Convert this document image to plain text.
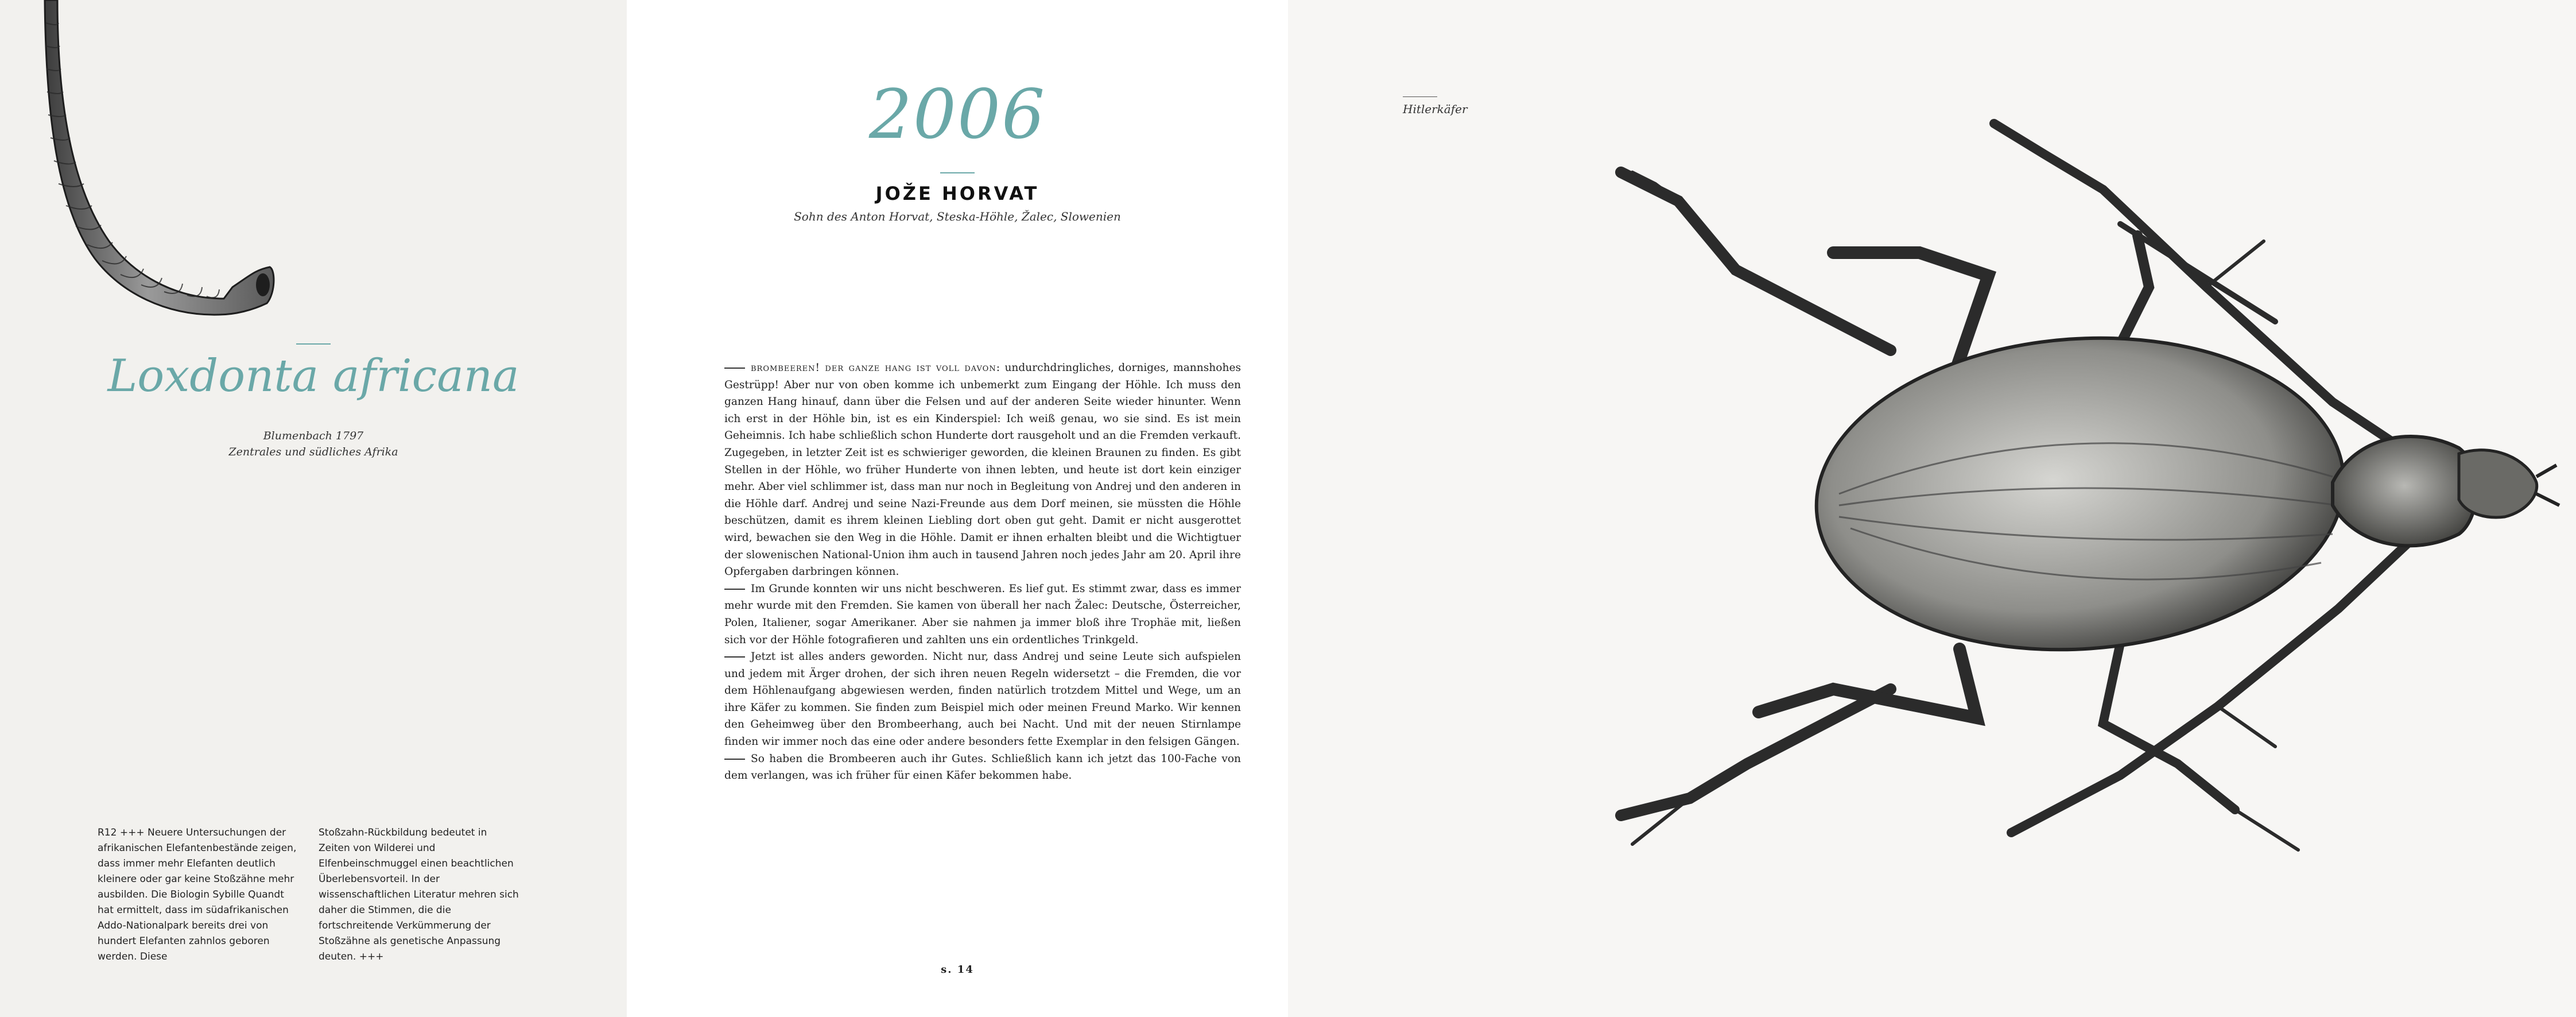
Loxdonta africana
Blumenbach 1797
Zentrales und südliches Afrika
R12 +++ Neuere Untersuchungen der afrikanischen Elefantenbestände zeigen, dass immer mehr Elefanten deutlich kleinere oder gar keine Stoßzähne mehr ausbilden. Die Biologin Sybille Quandt hat ermittelt, dass im südafrikanischen Addo-Nationalpark bereits drei von hundert Elefanten zahnlos geboren werden. Diese
Stoßzahn-Rückbildung bedeutet in Zeiten von Wilderei und Elfenbeinschmuggel einen beachtlichen Überlebensvorteil. In der wissenschaftlichen Literatur mehren sich daher die Stimmen, die die fortschreitende Verkümmerung der Stoßzähne als genetische Anpassung deuten. +++
2006
JOŽE HORVAT
Sohn des Anton Horvat, Steska-Höhle, Žalec, Slowenien

brombeeren! der ganze hang ist voll davon: undurchdringliches, dorniges, mannshohes Gestrüpp! Aber nur von oben komme ich unbemerkt zum Eingang der Höhle. Ich muss den ganzen Hang hinauf, dann über die Felsen und auf der anderen Seite wieder hinunter. Wenn ich erst in der Höhle bin, ist es ein Kinderspiel: Ich weiß genau, wo sie sind. Es ist mein Geheimnis. Ich habe schließlich schon Hunderte dort rausgeholt und an die Fremden verkauft. Zugegeben, in letzter Zeit ist es schwieriger geworden, die kleinen Braunen zu finden. Es gibt Stellen in der Höhle, wo früher Hunderte von ihnen lebten, und heute ist dort kein einziger mehr. Aber viel schlimmer ist, dass man nur noch in Begleitung von Andrej und den anderen in die Höhle darf. Andrej und seine Nazi-Freunde aus dem Dorf meinen, sie müssten die Höhle beschützen, damit es ihrem kleinen Liebling dort oben gut geht. Damit er nicht ausgerottet wird, bewachen sie den Weg in die Höhle. Damit er ihnen erhalten bleibt und die Wichtigtuer der slowenischen National-Union ihm auch in tausend Jahren noch jedes Jahr am 20. April ihre Opfergaben darbringen können.

Im Grunde konnten wir uns nicht beschweren. Es lief gut. Es stimmt zwar, dass es immer mehr wurde mit den Fremden. Sie kamen von überall her nach Žalec: Deutsche, Österreicher, Polen, Italiener, sogar Amerikaner. Aber sie nahmen ja immer bloß ihre Trophäe mit, ließen sich vor der Höhle fotografieren und zahlten uns ein ordentliches Trinkgeld.

Jetzt ist alles anders geworden. Nicht nur, dass Andrej und seine Leute sich aufspielen und jedem mit Ärger drohen, der sich ihren neuen Regeln widersetzt – die Fremden, die vor dem Höhlenaufgang abgewiesen werden, finden natürlich trotzdem Mittel und Wege, um an ihre Käfer zu kommen. Sie finden zum Beispiel mich oder meinen Freund Marko. Wir kennen den Geheimweg über den Brombeerhang, auch bei Nacht. Und mit der neuen Stirnlampe finden wir immer noch das eine oder andere besonders fette Exemplar in den felsigen Gängen.

So haben die Brombeeren auch ihr Gutes. Schließlich kann ich jetzt das 100-Fache von dem verlangen, was ich früher für einen Käfer bekommen habe.

s. 14
Hitlerkäfer
